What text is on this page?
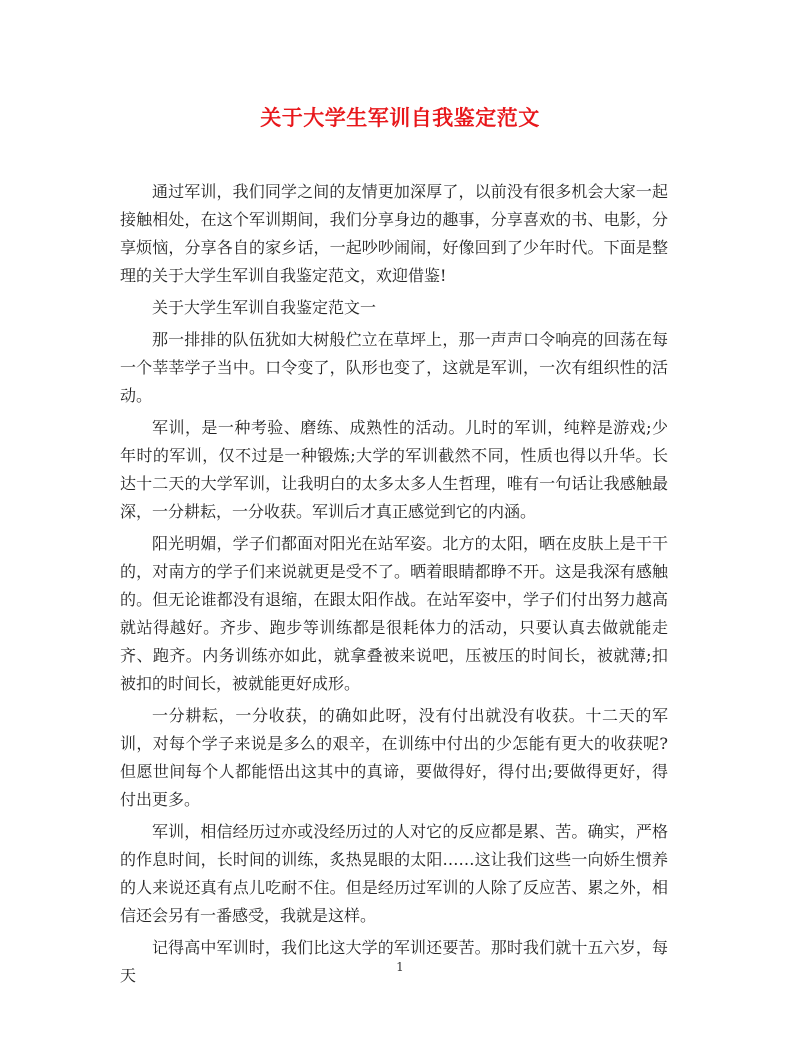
关于大学生军训自我鉴定范文

通过军训，我们同学之间的友情更加深厚了，以前没有很多机会大家一起接触相处，在这个军训期间，我们分享身边的趣事，分享喜欢的书、电影，分享烦恼，分享各自的家乡话，一起吵吵闹闹，好像回到了少年时代。下面是整理的关于大学生军训自我鉴定范文，欢迎借鉴!

关于大学生军训自我鉴定范文一

那一排排的队伍犹如大树般伫立在草坪上，那一声声口令响亮的回荡在每一个莘莘学子当中。口令变了，队形也变了，这就是军训，一次有组织性的活动。

军训，是一种考验、磨练、成熟性的活动。儿时的军训，纯粹是游戏;少年时的军训，仅不过是一种锻炼;大学的军训截然不同，性质也得以升华。长达十二天的大学军训，让我明白的太多太多人生哲理，唯有一句话让我感触最深，一分耕耘，一分收获。军训后才真正感觉到它的内涵。

阳光明媚，学子们都面对阳光在站军姿。北方的太阳，晒在皮肤上是干干的，对南方的学子们来说就更是受不了。晒着眼睛都睁不开。这是我深有感触的。但无论谁都没有退缩，在跟太阳作战。在站军姿中，学子们付出努力越高就站得越好。齐步、跑步等训练都是很耗体力的活动，只要认真去做就能走齐、跑齐。内务训练亦如此，就拿叠被来说吧，压被压的时间长，被就薄;扣被扣的时间长，被就能更好成形。

一分耕耘，一分收获，的确如此呀，没有付出就没有收获。十二天的军训，对每个学子来说是多么的艰辛，在训练中付出的少怎能有更大的收获呢?但愿世间每个人都能悟出这其中的真谛，要做得好，得付出;要做得更好，得付出更多。

军训，相信经历过亦或没经历过的人对它的反应都是累、苦。确实，严格的作息时间，长时间的训练，炙热晃眼的太阳……这让我们这些一向娇生惯养的人来说还真有点儿吃耐不住。但是经历过军训的人除了反应苦、累之外，相信还会另有一番感受，我就是这样。

记得高中军训时，我们比这大学的军训还要苦。那时我们就十五六岁，每天	1
